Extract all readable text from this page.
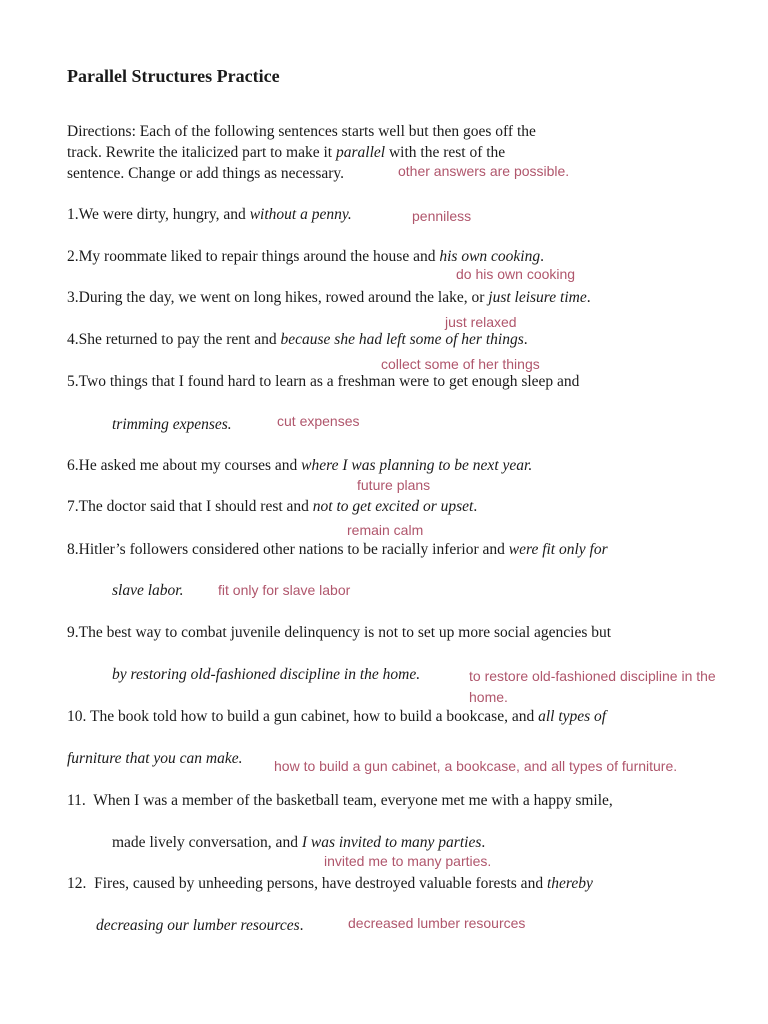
Parallel Structures Practice
Directions: Each of the following sentences starts well but then goes off the
track. Rewrite the italicized part to make it parallel with the rest of the
sentence. Change or add things as necessary.	other answers are possible.
1.We were dirty, hungry, and without a penny.	penniless
2.My roommate liked to repair things around the house and his own cooking.
do his own cooking
3.During the day, we went on long hikes, rowed around the lake, or just leisure time.
just relaxed
4.She returned to pay the rent and because she had left some of her things.
collect some of her things
5.Two things that I found hard to learn as a freshman were to get enough sleep and
trimming expenses.	cut expenses
6.He asked me about my courses and where I was planning to be next year.
future plans
7.The doctor said that I should rest and not to get excited or upset.
remain calm
8.Hitler’s followers considered other nations to be racially inferior and were fit only for
slave labor. fit only for slave labor
9.The best way to combat juvenile delinquency is not to set up more social agencies but
by restoring old-fashioned discipline in the home.	to restore old-fashioned discipline in the
home.
10. The book told how to build a gun cabinet, how to build a bookcase, and all types of
furniture that you can make. how to build a gun cabinet, a bookcase, and all types of furniture.
11.  When I was a member of the basketball team, everyone met me with a happy smile,
made lively conversation, and I was invited to many parties.
invited me to many parties.
12.  Fires, caused by unheeding persons, have destroyed valuable forests and thereby
decreasing our lumber resources.	decreased lumber resources
